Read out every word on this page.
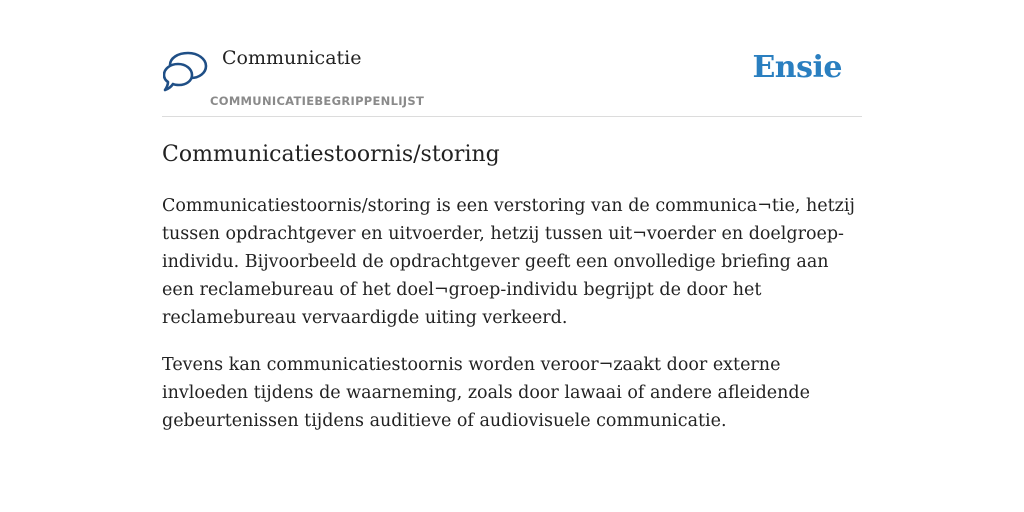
Communicatie
COMMUNICATIEBEGRIPPENLIJST
Ensie
Communicatiestoornis/storing

Communicatiestoornis/storing is een verstoring van de communica¬tie, hetzij tussen opdrachtgever en uitvoerder, hetzij tussen uit¬voerder en doelgroep-individu. Bijvoorbeeld de opdrachtgever geeft een onvolledige briefing aan een reclamebureau of het doel¬groep-individu begrijpt de door het reclamebureau vervaardigde uiting verkeerd.

Tevens kan communicatiestoornis worden veroor¬zaakt door externe invloeden tijdens de waarneming, zoals door lawaai of andere afleidende gebeurtenissen tijdens auditieve of audiovisuele communicatie.
